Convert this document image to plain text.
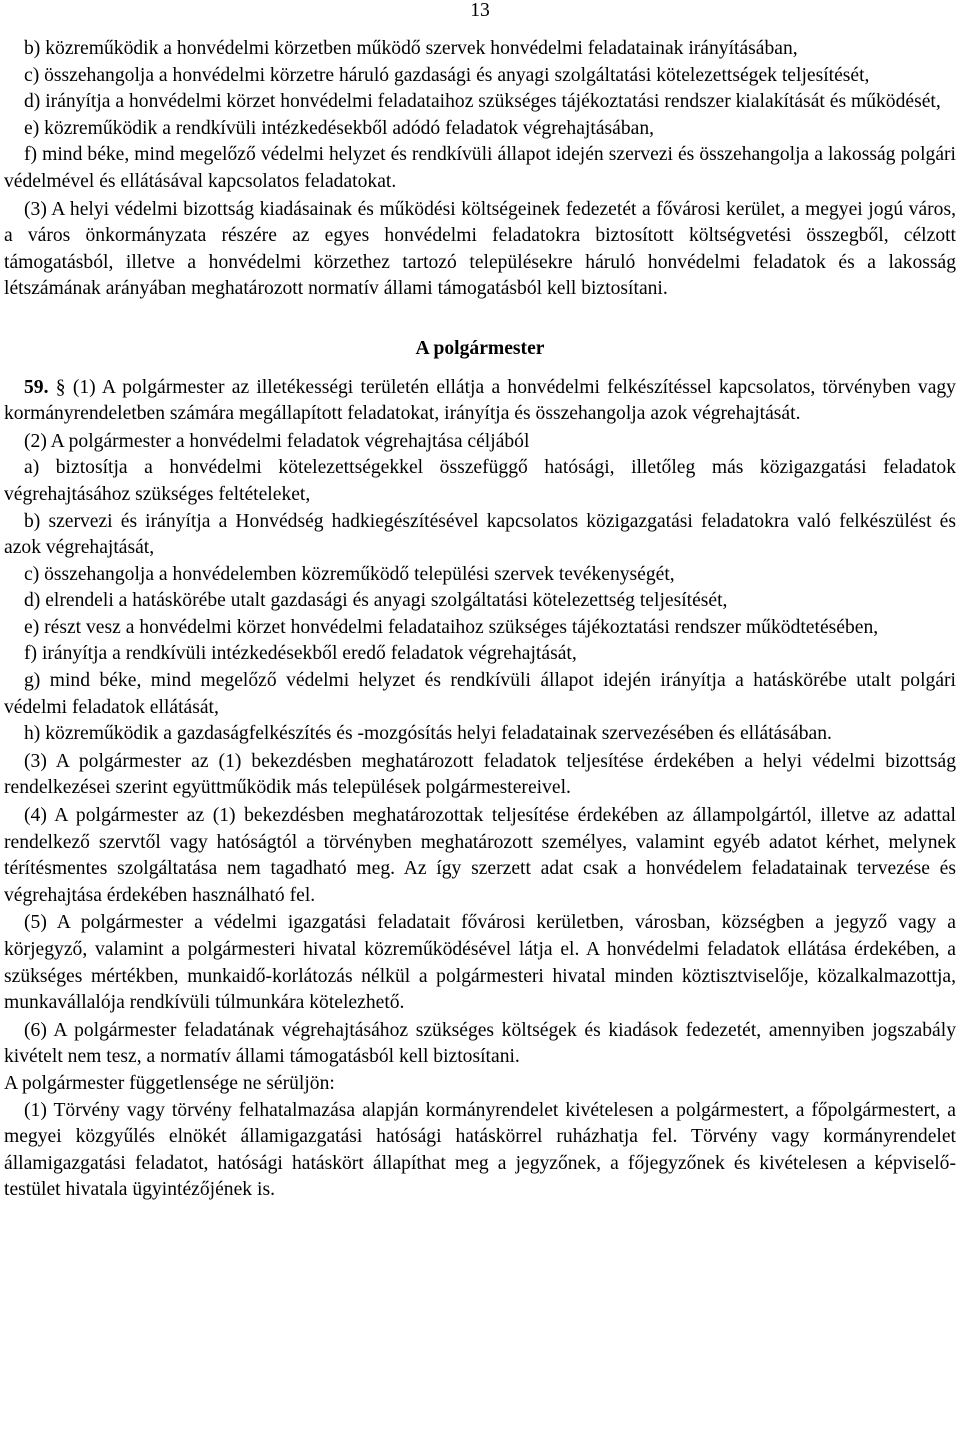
13

b) közreműködik a honvédelmi körzetben működő szervek honvédelmi feladatainak irányításában,

c) összehangolja a honvédelmi körzetre háruló gazdasági és anyagi szolgáltatási kötelezettségek teljesítését,

d) irányítja a honvédelmi körzet honvédelmi feladataihoz szükséges tájékoztatási rendszer kialakítását és működését,

e) közreműködik a rendkívüli intézkedésekből adódó feladatok végrehajtásában,

f) mind béke, mind megelőző védelmi helyzet és rendkívüli állapot idején szervezi és összehangolja a lakosság polgári védelmével és ellátásával kapcsolatos feladatokat.

(3) A helyi védelmi bizottság kiadásainak és működési költségeinek fedezetét a fővárosi kerület, a megyei jogú város, a város önkormányzata részére az egyes honvédelmi feladatokra biztosított költségvetési összegből, célzott támogatásból, illetve a honvédelmi körzethez tartozó településekre háruló honvédelmi feladatok és a lakosság létszámának arányában meghatározott normatív állami támogatásból kell biztosítani.

A polgármester

59. § (1) A polgármester az illetékességi területén ellátja a honvédelmi felkészítéssel kapcsolatos, törvényben vagy kormányrendeletben számára megállapított feladatokat, irányítja és összehangolja azok végrehajtását.

(2) A polgármester a honvédelmi feladatok végrehajtása céljából

a) biztosítja a honvédelmi kötelezettségekkel összefüggő hatósági, illetőleg más közigazgatási feladatok végrehajtásához szükséges feltételeket,

b) szervezi és irányítja a Honvédség hadkiegészítésével kapcsolatos közigazgatási feladatokra való felkészülést és azok végrehajtását,

c) összehangolja a honvédelemben közreműködő települési szervek tevékenységét,

d) elrendeli a hatáskörébe utalt gazdasági és anyagi szolgáltatási kötelezettség teljesítését,

e) részt vesz a honvédelmi körzet honvédelmi feladataihoz szükséges tájékoztatási rendszer működtetésében,

f) irányítja a rendkívüli intézkedésekből eredő feladatok végrehajtását,

g) mind béke, mind megelőző védelmi helyzet és rendkívüli állapot idején irányítja a hatáskörébe utalt polgári védelmi feladatok ellátását,

h) közreműködik a gazdaságfelkészítés és -mozgósítás helyi feladatainak szervezésében és ellátásában.

(3) A polgármester az (1) bekezdésben meghatározott feladatok teljesítése érdekében a helyi védelmi bizottság rendelkezései szerint együttműködik más települések polgármestereivel.

(4) A polgármester az (1) bekezdésben meghatározottak teljesítése érdekében az állampolgártól, illetve az adattal rendelkező szervtől vagy hatóságtól a törvényben meghatározott személyes, valamint egyéb adatot kérhet, melynek térítésmentes szolgáltatása nem tagadható meg. Az így szerzett adat csak a honvédelem feladatainak tervezése és végrehajtása érdekében használható fel.

(5) A polgármester a védelmi igazgatási feladatait fővárosi kerületben, városban, községben a jegyző vagy a körjegyző, valamint a polgármesteri hivatal közreműködésével látja el. A honvédelmi feladatok ellátása érdekében, a szükséges mértékben, munkaidő-korlátozás nélkül a polgármesteri hivatal minden köztisztviselője, közalkalmazottja, munkavállalója rendkívüli túlmunkára kötelezhető.

(6) A polgármester feladatának végrehajtásához szükséges költségek és kiadások fedezetét, amennyiben jogszabály kivételt nem tesz, a normatív állami támogatásból kell biztosítani.

A polgármester függetlensége ne sérüljön:

(1) Törvény vagy törvény felhatalmazása alapján kormányrendelet kivételesen a polgármestert, a főpolgármestert, a megyei közgyűlés elnökét államigazgatási hatósági hatáskörrel ruházhatja fel. Törvény vagy kormányrendelet államigazgatási feladatot, hatósági hatáskört állapíthat meg a jegyzőnek, a főjegyzőnek és kivételesen a képviselő-testület hivatala ügyintézőjének is.
